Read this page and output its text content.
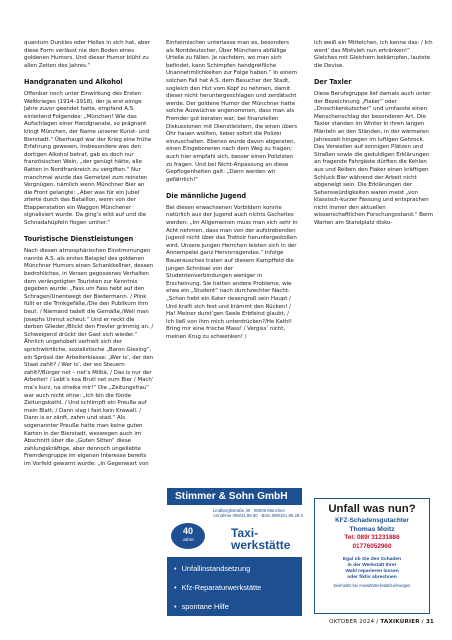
quantum Dunkles oder Helles in sich hat, aber diese Form verlässt nie den Boden eines goldenen Humors. Und dieser Humor blüht zu allen Zeiten des Jahres.“

Handgranaten und Alkohol

Offenbar noch unter Einwirkung des Ersten Weltkrieges (1914–1918), der ja erst einige Jahre zuvor geendet hatte, empfand A.S. einleitend Folgendes: „München! Wie das Aufschlagen einer Handgranate, so prägnant klingt München, der Name unserer Kunst- und Bierstadt.“ Überhaupt war der Krieg eine frühe Erfahrung gewesen, insbesondere was den dortigen Alkohol betraf, gab es doch nur französischen Wein, „der genügt hätte, alle Ratten in Nordfrankreich zu vergiften.“ Nur manchmal wurde das Gemetzel zum reinsten Vergnügen, nämlich wenn Münchner Bier an die Front gelangte: „Aber was für ein Jubel ziterte durch das Bataillon, wenn von der Etappenstation ein Waggon Münchener signalisiert wurde. Da ging’s wild auf und die Schnadahüpfeln flogen umher.“

Touristische Dienstleistungen

Nach diesen atmosphärischen Einstimmungen nannte A.S. als erstes Beispiel des goldenen Münchner Humors einen Schankkellner, dessen bedrohliches, in Versen gegossenes Verhalten dem verängstigten Touristen zur Kenntnis gegeben wurde: „Fass um Fass hebt auf den Schragen/Unentwegt der Biedermann. / Plink füllt er die Trinkgefäße,/Die den Publikum ihm beut. / Niemand tadelt die Gemäße,/Weil man Josephs Unmut scheut.“ Und er reckt die derben Glieder,/Blickt den Frevler grimmig an. / Schweigend drückt der Gast sich wieder.“ Ähnlich ungehobelt verhielt sich der sprichwörtliche, sozialistische „Baron Giesing“, ein Sprössl der Arbeiterklasse: „Wer is’, der den Staat zahlt? / Wer is’, der wo Steuern zahlt?/Bürger net – net’s Militä, / Das is nur der Arbeiter! / Lebt’s koa Brutl net zum Bier / Mach’ ma’s kurz, na streika mir!“ Die „Zeitungsfrau“ war auch nicht ohne: „Ich bin die fünde Zeitungskathl. / Und schlimpft ein Preuße auf mein Blatt, / Dann slag i fast kein Krawall. / Dann is er zänft, zahm und stad.“ Als sogenannter Preuße hatte man keine guten Karten in der Bierstadt, weswegen auch im Abschnitt über die „Guten Sitten“ diese zahlungskräftige, aber dennoch ungeliebte Fremdengruppe im eigenen Interesse bereits im Vorfeld gewarnt wurde: „In Gegenwart von

Einheimischen unterlasse man es, besonders als Norddeutscher, Über Münchens abfällige Urteile zu fällen. Je nachdem, wo man sich befindet, kann Schimpfen handgreifliche Unannehmlichkeiten zur Folge haben.“ In einem solchen Fall hat A.S. dem Besucher der Stadt, sogleich den Hut vom Kopf zu nehmen, damit dieser nicht heruntergeschlagen und zerdätscht werde. Der goldene Humor der Münchner hatte solche Auswüchse angenommen, dass man als Fremder gut beraten war, bei finanziellen Diskussionen mit Dienstleistern, die einen übers Ohr hauen wollten, lieber sofort die Polizei einzuschalten. Ebenso wurde davon abgeraten, einen Eingeborenen nach dem Weg zu fragen; auch hier empfahl sich, besser einen Polizisten zu fragen. Und bei Nicht-Anpassung an diese Gepflogenheiten galt: „Dann werden wir gefährlich!“

Die männliche Jugend

Bei diesen erwachsenen Vorbildern konnte natürlich aus der Jugend auch nichts Gscheites werden: „Im Allgemeinen muss man sich sehr in Acht nehmen, dass man von der aufstrebenden Jugend nicht über das Trottoir heruntergestoßen wird. Unsere jungen Herrchen leisten sich in der Annempelei ganz Hervorragendes.“ Infolge Bauerausches traten auf diesem Kampffeld die jungen Schnösel von der Studentenverbindungen weniger in Erscheinung. Sie hatten andere Probleme, wie etwa ein „Student“ nach durchzechter Nacht: „Schon hebt ein Kater riesengroß sein Haupt / Und krallt sich fest und krämmt den Rücken! / Ha! Meiner durst’gen Seele Erbfeind glaubt, / Ich ließ von ihm mich unterdrücken?/He Kathl! Bring mir eine frische Mass! / Vergiss’ nicht, meinen Krug zu schwenken! /

Ich weiß ein Mittelchen, ich kenne das: / Ich werd’ das Mistvieh nun ertränken!“ Gleiches mit Gleichem bekämpfen, lautete die Devise.

Der Taxler

Diese Berufsgruppe lief damals auch unter der Bezeichnung „Fiaker“ oder „Droschkenkutscher“ und umfasste einen Menschenschlag der besonderen Art. Die Taxler standen im Winter in ihren langen Mänteln an den Ständen, in der wärmeren Jahreszeit hingegen im luftigen Gehrock. Das Verweilen auf sonnigen Plätzen und Straßen sowie die geduldigen Erklärungen an fragende Fahrgäste dürften die Kehlen aus und Reiben den Fiaker einen kräftigen Schluck Bier während der Arbeit nicht abgeneigt sein. Die Erklärungen der Sehenswürdigkeiten waren meist „von klassisch-kurzer Fassung und entsprachen nicht immer den aktuellen wissenschaftlichen Forschungsstand.“ Beim Warten am Standplatz disku-

Stimmer & Sohn GmbH
Lindberghstraße 30 · 80939 München
Annahme 089/31 86 80 · Büro 089/321 86 28-3
40
Jahre	Taxi-
werkstätte
• Unfallinstandsetzung
• Kfz-Reparaturwerkstätte
• spontane Hilfe
Unfall was nun?
KFZ-Schadensgutachter
Thomas Moitz
Tel: 089/ 31231886
01776052960
Egal ob Sie den Schaden
in der Werkstatt Ihrer
Wahl reparieren lassen
oder fiktiv abrechnen
beinhaltet bei Anwalt/Werkstatt/Leihwagen
OKTOBER 2024 / TAXIKURIER / 31
